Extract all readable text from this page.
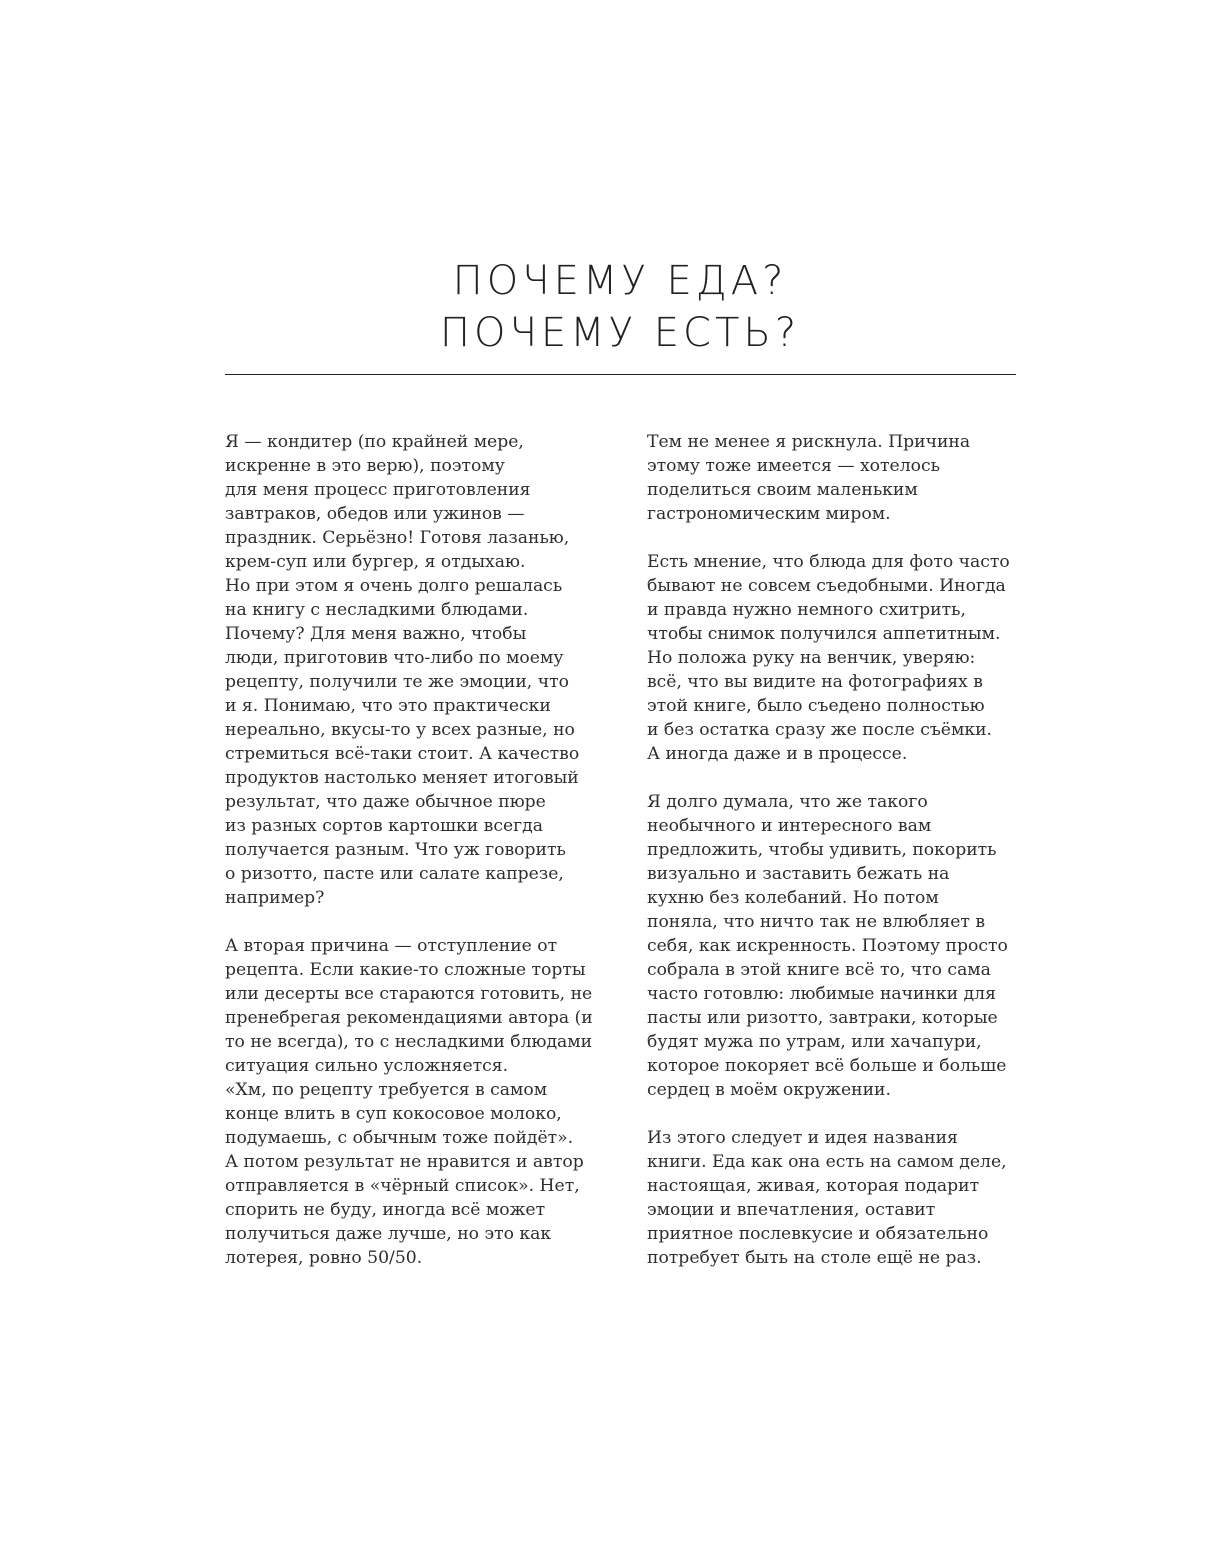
ПОЧЕМУ ЕДА?
ПОЧЕМУ ЕСТЬ?

Я — кондитер (по крайней мере,
искренне в это верю), поэтому
для меня процесс приготовления
завтраков, обедов или ужинов —
праздник. Серьёзно! Готовя лазанью,
крем-суп или бургер, я отдыхаю.
Но при этом я очень долго решалась
на книгу с несладкими блюдами.
Почему? Для меня важно, чтобы
люди, приготовив что-либо по моему
рецепту, получили те же эмоции, что
и я. Понимаю, что это практически
нереально, вкусы-то у всех разные, но
стремиться всё-таки стоит. А качество
продуктов настолько меняет итоговый
результат, что даже обычное пюре
из разных сортов картошки всегда
получается разным. Что уж говорить
о ризотто, пасте или салате капрезе,
например?

А вторая причина — отступление от
рецепта. Если какие-то сложные торты
или десерты все стараются готовить, не
пренебрегая рекомендациями автора (и
то не всегда), то с несладкими блюдами
ситуация сильно усложняется.
«Хм, по рецепту требуется в самом
конце влить в суп кокосовое молоко,
подумаешь, с обычным тоже пойдёт».
А потом результат не нравится и автор
отправляется в «чёрный список». Нет,
спорить не буду, иногда всё может
получиться даже лучше, но это как
лотерея, ровно 50/50.

Тем не менее я рискнула. Причина
этому тоже имеется — хотелось
поделиться своим маленьким
гастрономическим миром.

Есть мнение, что блюда для фото часто
бывают не совсем съедобными. Иногда
и правда нужно немного схитрить,
чтобы снимок получился аппетитным.
Но положа руку на венчик, уверяю:
всё, что вы видите на фотографиях в
этой книге, было съедено полностью
и без остатка сразу же после съёмки.
А иногда даже и в процессе.

Я долго думала, что же такого
необычного и интересного вам
предложить, чтобы удивить, покорить
визуально и заставить бежать на
кухню без колебаний. Но потом
поняла, что ничто так не влюбляет в
себя, как искренность. Поэтому просто
собрала в этой книге всё то, что сама
часто готовлю: любимые начинки для
пасты или ризотто, завтраки, которые
будят мужа по утрам, или хачапури,
которое покоряет всё больше и больше
сердец в моём окружении.

Из этого следует и идея названия
книги. Еда как она есть на самом деле,
настоящая, живая, которая подарит
эмоции и впечатления, оставит
приятное послевкусие и обязательно
потребует быть на столе ещё не раз.
